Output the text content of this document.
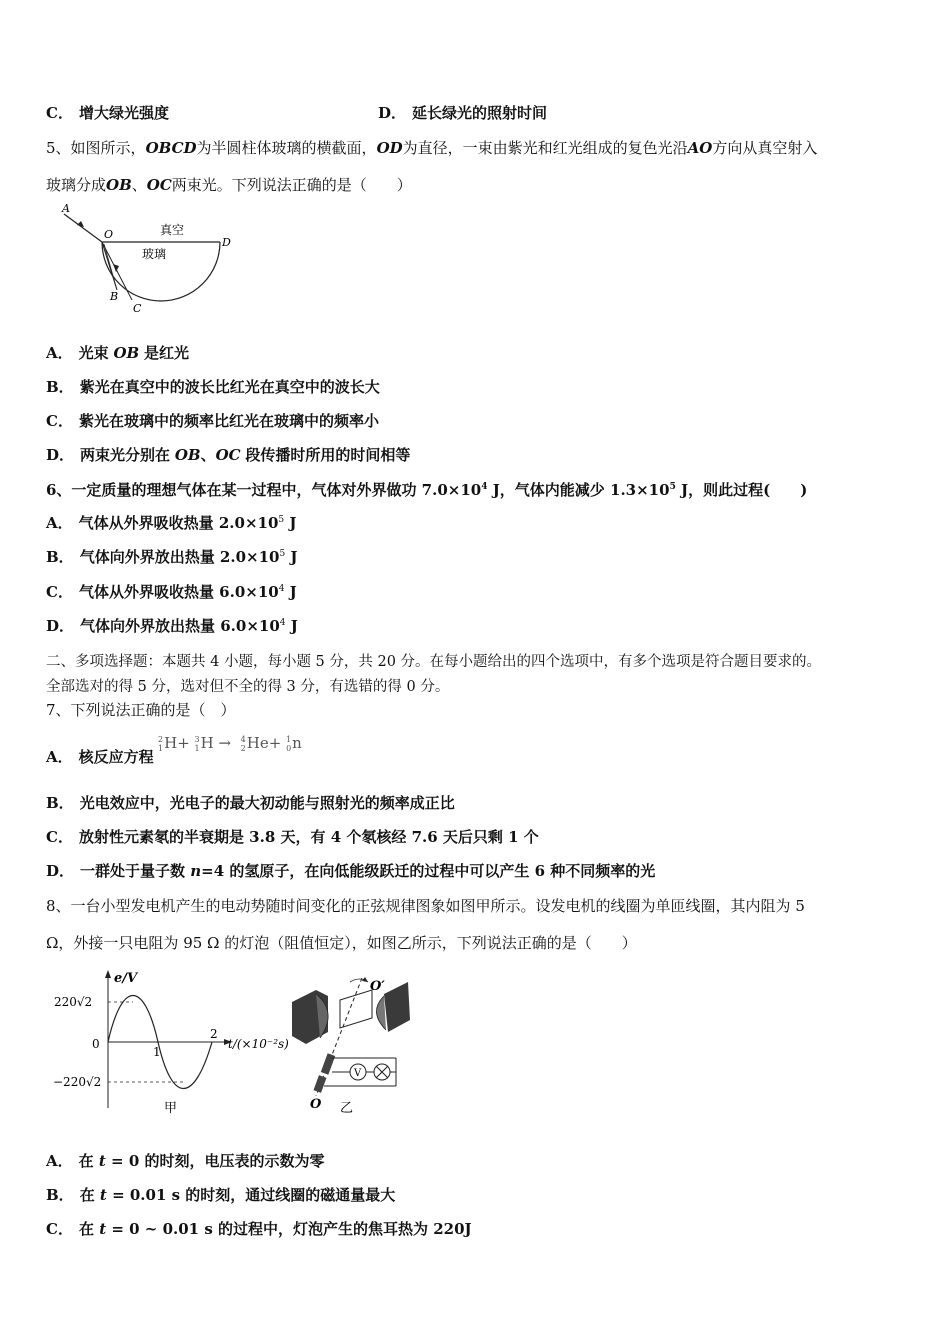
C． 增大绿光强度	D． 延长绿光的照射时间
5、如图所示，OBCD为半圆柱体玻璃的横截面，OD为直径，一束由紫光和红光组成的复色光沿AO方向从真空射入
玻璃分成OB、OC两束光。下列说法正确的是（　　）
A
O
D
B
C
真空
玻璃
A． 光束 OB 是红光
B． 紫光在真空中的波长比红光在真空中的波长大
C． 紫光在玻璃中的频率比红光在玻璃中的频率小
D． 两束光分别在 OB、OC 段传播时所用的时间相等
6、一定质量的理想气体在某一过程中，气体对外界做功 $7.0\times 10^4$ J，气体内能减少 $1.3\times 10^5$ J，则此过程(　　)
A． 气体从外界吸收热量 $2.0\times 10^5$ J
B． 气体向外界放出热量 $2.0\times 10^5$ J
C． 气体从外界吸收热量 $6.0\times 10^4$ J
D． 气体向外界放出热量 $6.0\times 10^4$ J
二、多项选择题：本题共 4 小题，每小题 5 分，共 20 分。在每小题给出的四个选项中，有多个选项是符合题目要求的。
全部选对的得 5 分，选对但不全的得 3 分，有选错的得 0 分。
7、下列说法正确的是（　）
A． 核反应方程
2
1H+ 3
1H → 4
2He+ 1
0n
B． 光电效应中，光电子的最大初动能与照射光的频率成正比
C． 放射性元素氡的半衰期是 3.8 天，有 4 个氡核经 7.6 天后只剩 1 个
D． 一群处于量子数 n=4 的氢原子，在向低能级跃迁的过程中可以产生 6 种不同频率的光
8、一台小型发电机产生的电动势随时间变化的正弦规律图象如图甲所示。设发电机的线圈为单匝线圈，其内阻为 5
Ω，外接一只电阻为 95 Ω 的灯泡（阻值恒定），如图乙所示，下列说法正确的是（　　）
e/V
220√2
0
−220√2
1
2
t/(×10⁻²s)
甲
V
O′
O 乙
A． 在 t = 0 的时刻，电压表的示数为零
B． 在 t = 0.01 s 的时刻，通过线圈的磁通量最大
C． 在 t = 0 ~ 0.01 s 的过程中，灯泡产生的焦耳热为 220J
